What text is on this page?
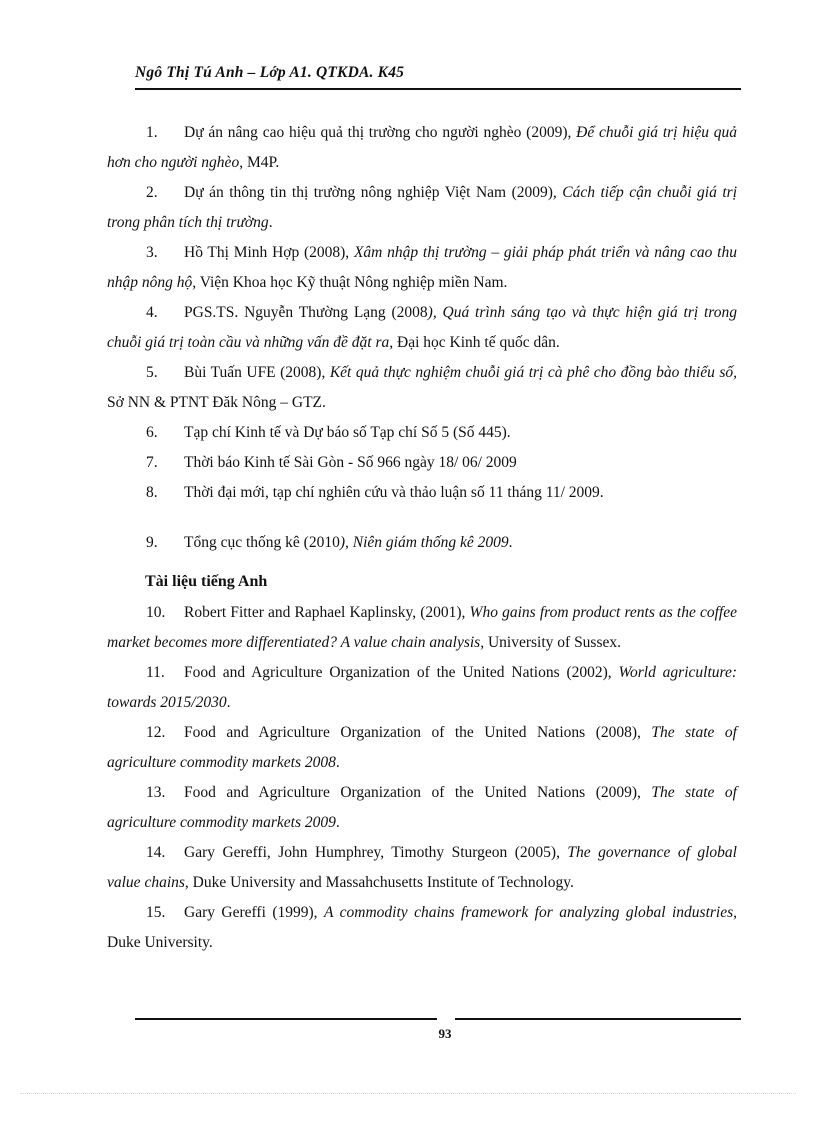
Ngô Thị Tú Anh – Lớp A1. QTKDA. K45

1. Dự án nâng cao hiệu quả thị trường cho người nghèo (2009), Để chuỗi giá trị hiệu quả hơn cho người nghèo, M4P.

2. Dự án thông tin thị trường nông nghiệp Việt Nam (2009), Cách tiếp cận chuỗi giá trị trong phân tích thị trường.

3. Hồ Thị Minh Hợp (2008), Xâm nhập thị trường – giải pháp phát triển và nâng cao thu nhập nông hộ, Viện Khoa học Kỹ thuật Nông nghiệp miền Nam.

4. PGS.TS. Nguyễn Thường Lạng (2008), Quá trình sáng tạo và thực hiện giá trị trong chuỗi giá trị toàn cầu và những vấn đề đặt ra, Đại học Kinh tế quốc dân.

5. Bùi Tuấn UFE (2008), Kết quả thực nghiệm chuỗi giá trị cà phê cho đồng bào thiểu số, Sở NN & PTNT Đăk Nông – GTZ.

6. Tạp chí Kinh tế và Dự báo số Tạp chí Số 5 (Số 445).

7. Thời báo Kinh tế Sài Gòn - Số 966 ngày 18/ 06/ 2009

8. Thời đại mới, tạp chí nghiên cứu và thảo luận số 11 tháng 11/ 2009.

9. Tổng cục thống kê (2010), Niên giám thống kê 2009.

Tài liệu tiếng Anh

10. Robert Fitter and Raphael Kaplinsky, (2001), Who gains from product rents as the coffee market becomes more differentiated? A value chain analysis, University of Sussex.

11. Food and Agriculture Organization of the United Nations (2002), World agriculture: towards 2015/2030.

12. Food and Agriculture Organization of the United Nations (2008), The state of agriculture commodity markets 2008.

13. Food and Agriculture Organization of the United Nations (2009), The state of agriculture commodity markets 2009.

14. Gary Gereffi, John Humphrey, Timothy Sturgeon (2005), The governance of global value chains, Duke University and Massahchusetts Institute of Technology.

15. Gary Gereffi (1999), A commodity chains framework for analyzing global industries, Duke University.

93
